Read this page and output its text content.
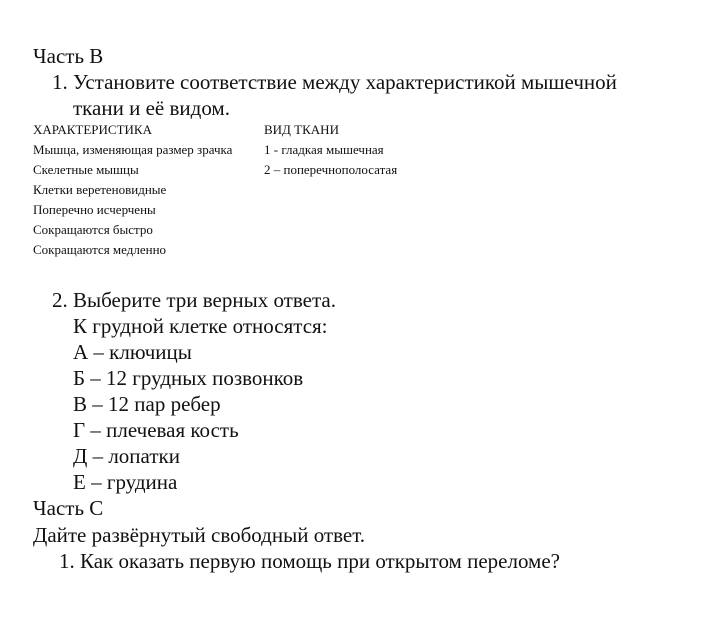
Часть В
1. Установите соответствие между характеристикой мышечной
ткани и её видом.
ХАРАКТЕРИСТИКА
Мышца, изменяющая размер зрачка
Скелетные мышцы
Клетки веретеновидные
Поперечно исчерчены
Сокращаются быстро
Сокращаются медленно
ВИД ТКАНИ
1 - гладкая мышечная
2 – поперечнополосатая
2. Выберите три верных ответа.
К грудной клетке относятся:
А – ключицы
Б – 12 грудных позвонков
В – 12 пар ребер
Г – плечевая кость
Д – лопатки
Е – грудина
Часть С
Дайте развёрнутый свободный ответ.
1. Как оказать первую помощь при открытом переломе?
